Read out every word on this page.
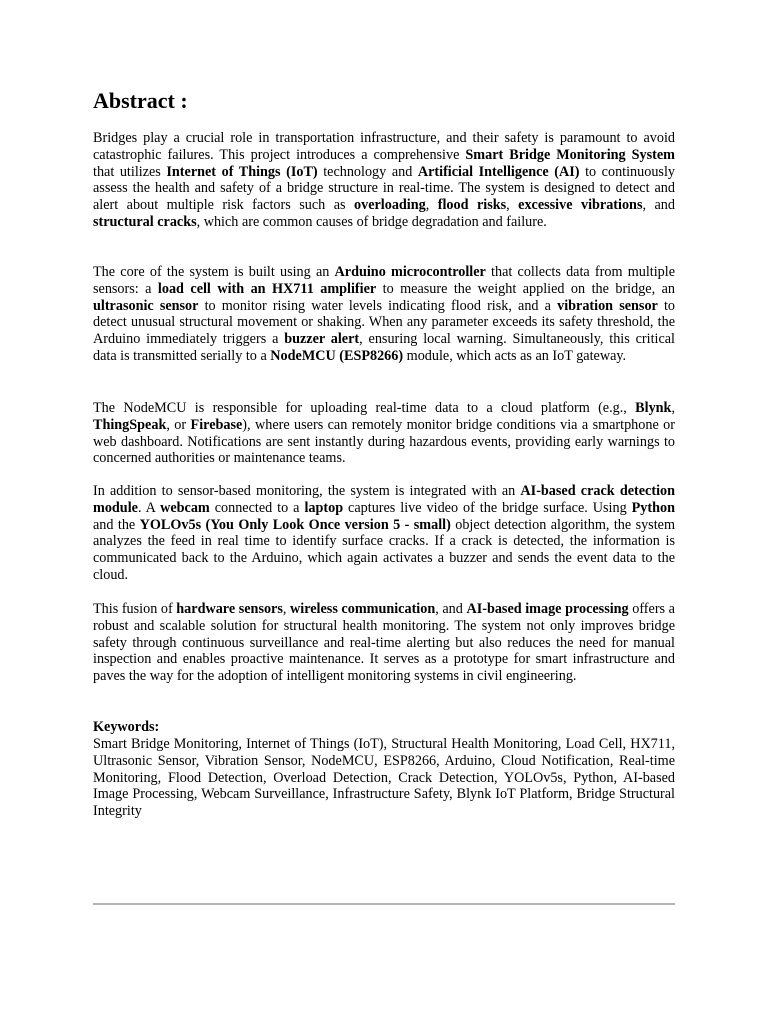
Abstract :

Bridges play a crucial role in transportation infrastructure, and their safety is paramount to avoid catastrophic failures. This project introduces a comprehensive Smart Bridge Monitoring System that utilizes Internet of Things (IoT) technology and Artificial Intelligence (AI) to continuously assess the health and safety of a bridge structure in real-time. The system is designed to detect and alert about multiple risk factors such as overloading, flood risks, excessive vibrations, and structural cracks, which are common causes of bridge degradation and failure.

The core of the system is built using an Arduino microcontroller that collects data from multiple sensors: a load cell with an HX711 amplifier to measure the weight applied on the bridge, an ultrasonic sensor to monitor rising water levels indicating flood risk, and a vibration sensor to detect unusual structural movement or shaking. When any parameter exceeds its safety threshold, the Arduino immediately triggers a buzzer alert, ensuring local warning. Simultaneously, this critical data is transmitted serially to a NodeMCU (ESP8266) module, which acts as an IoT gateway.

The NodeMCU is responsible for uploading real-time data to a cloud platform (e.g., Blynk, ThingSpeak, or Firebase), where users can remotely monitor bridge conditions via a smartphone or web dashboard. Notifications are sent instantly during hazardous events, providing early warnings to concerned authorities or maintenance teams.

In addition to sensor-based monitoring, the system is integrated with an AI-based crack detection module. A webcam connected to a laptop captures live video of the bridge surface. Using Python and the YOLOv5s (You Only Look Once version 5 - small) object detection algorithm, the system analyzes the feed in real time to identify surface cracks. If a crack is detected, the information is communicated back to the Arduino, which again activates a buzzer and sends the event data to the cloud.

This fusion of hardware sensors, wireless communication, and AI-based image processing offers a robust and scalable solution for structural health monitoring. The system not only improves bridge safety through continuous surveillance and real-time alerting but also reduces the need for manual inspection and enables proactive maintenance. It serves as a prototype for smart infrastructure and paves the way for the adoption of intelligent monitoring systems in civil engineering.

Keywords:

Smart Bridge Monitoring, Internet of Things (IoT), Structural Health Monitoring, Load Cell, HX711, Ultrasonic Sensor, Vibration Sensor, NodeMCU, ESP8266, Arduino, Cloud Notification, Real-time Monitoring, Flood Detection, Overload Detection, Crack Detection, YOLOv5s, Python, AI-based Image Processing, Webcam Surveillance, Infrastructure Safety, Blynk IoT Platform, Bridge Structural Integrity
